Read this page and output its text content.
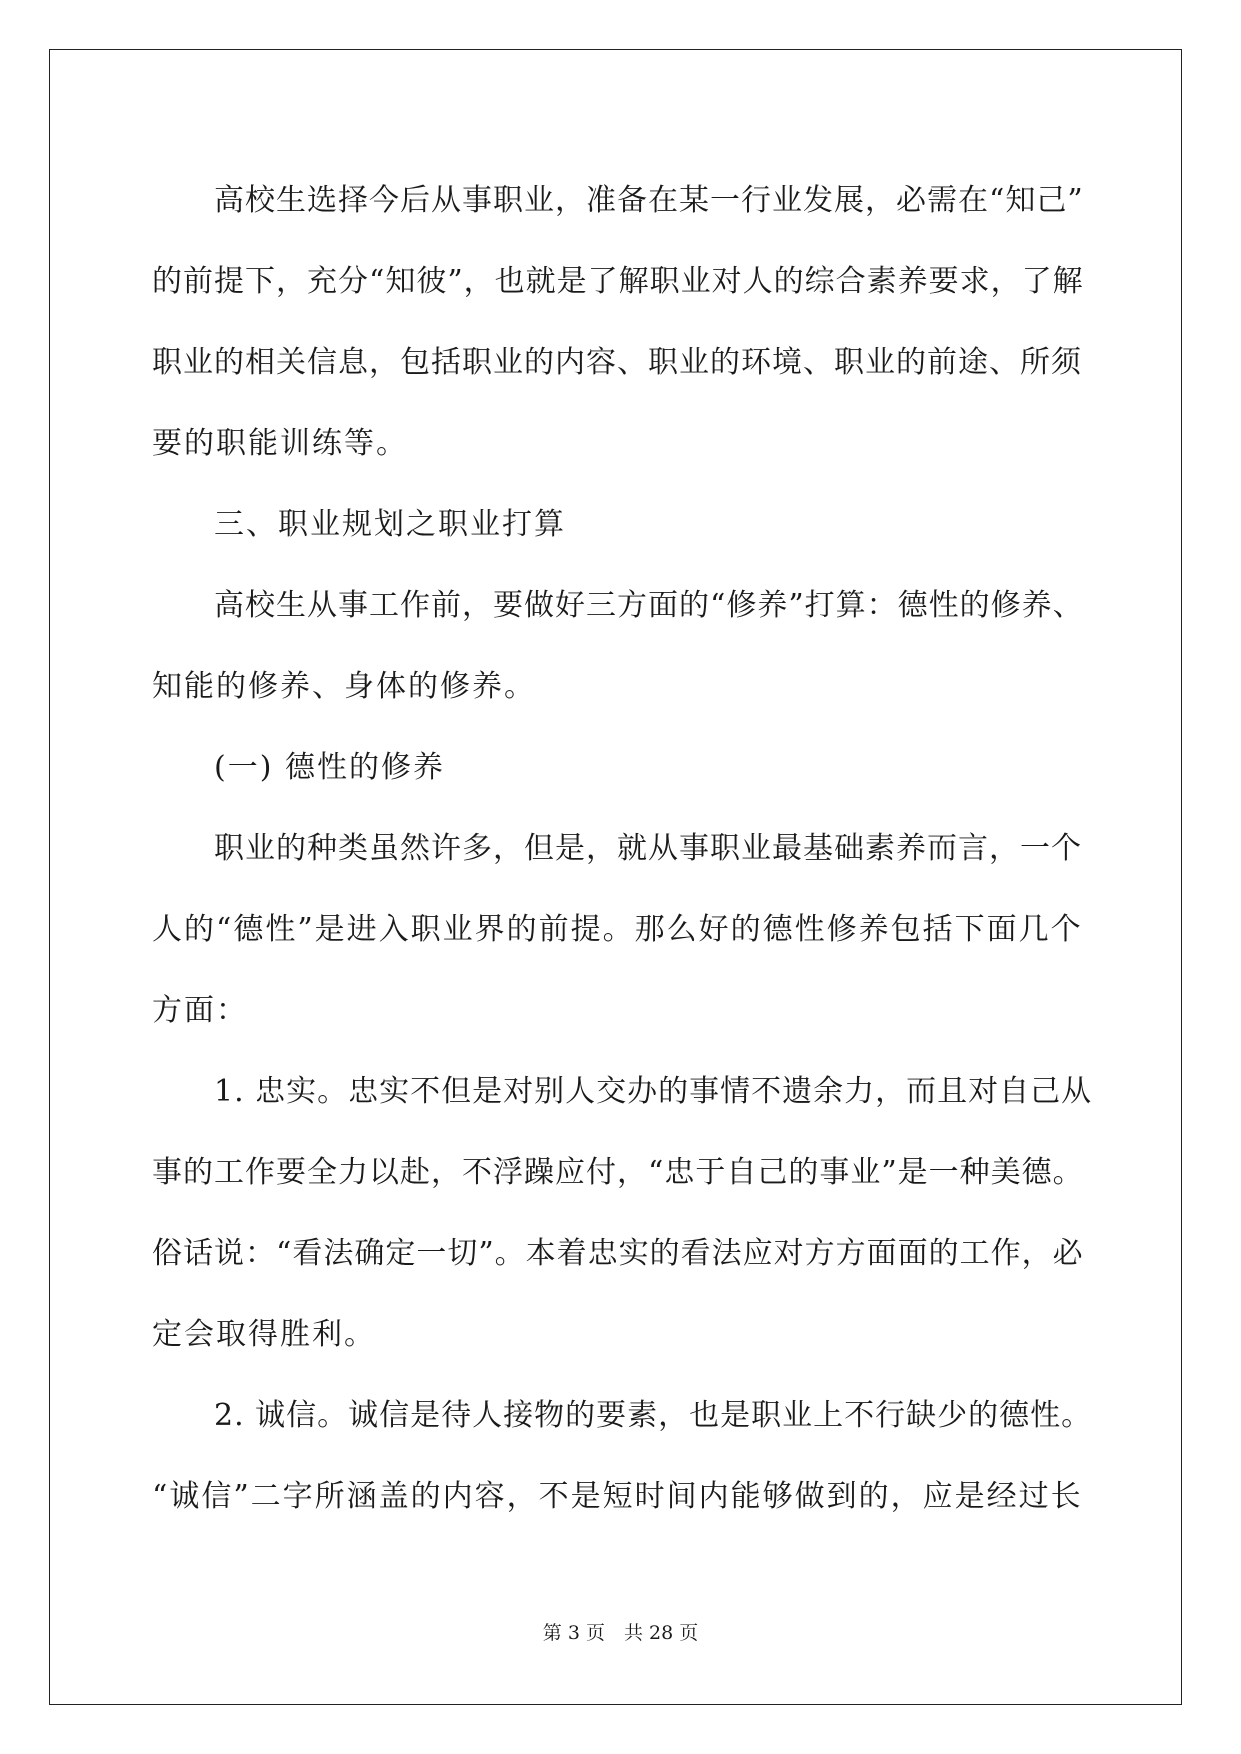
高校生选择今后从事职业，准备在某一行业发展，必需在“知己”
的前提下，充分“知彼”，也就是了解职业对人的综合素养要求，了解
职业的相关信息，包括职业的内容、职业的环境、职业的前途、所须
要的职能训练等。
三、职业规划之职业打算
高校生从事工作前，要做好三方面的“修养”打算：德性的修养、
知能的修养、身体的修养。
(一) 德性的修养
职业的种类虽然许多，但是，就从事职业最基础素养而言，一个
人的“德性”是进入职业界的前提。那么好的德性修养包括下面几个
方面：
1. 忠实。忠实不但是对别人交办的事情不遗余力，而且对自己从
事的工作要全力以赴，不浮躁应付，“忠于自己的事业”是一种美德。
俗话说：“看法确定一切”。本着忠实的看法应对方方面面的工作，必
定会取得胜利。
2. 诚信。诚信是待人接物的要素，也是职业上不行缺少的德性。
“诚信”二字所涵盖的内容，不是短时间内能够做到的，应是经过长
第 3 页　共 28 页
